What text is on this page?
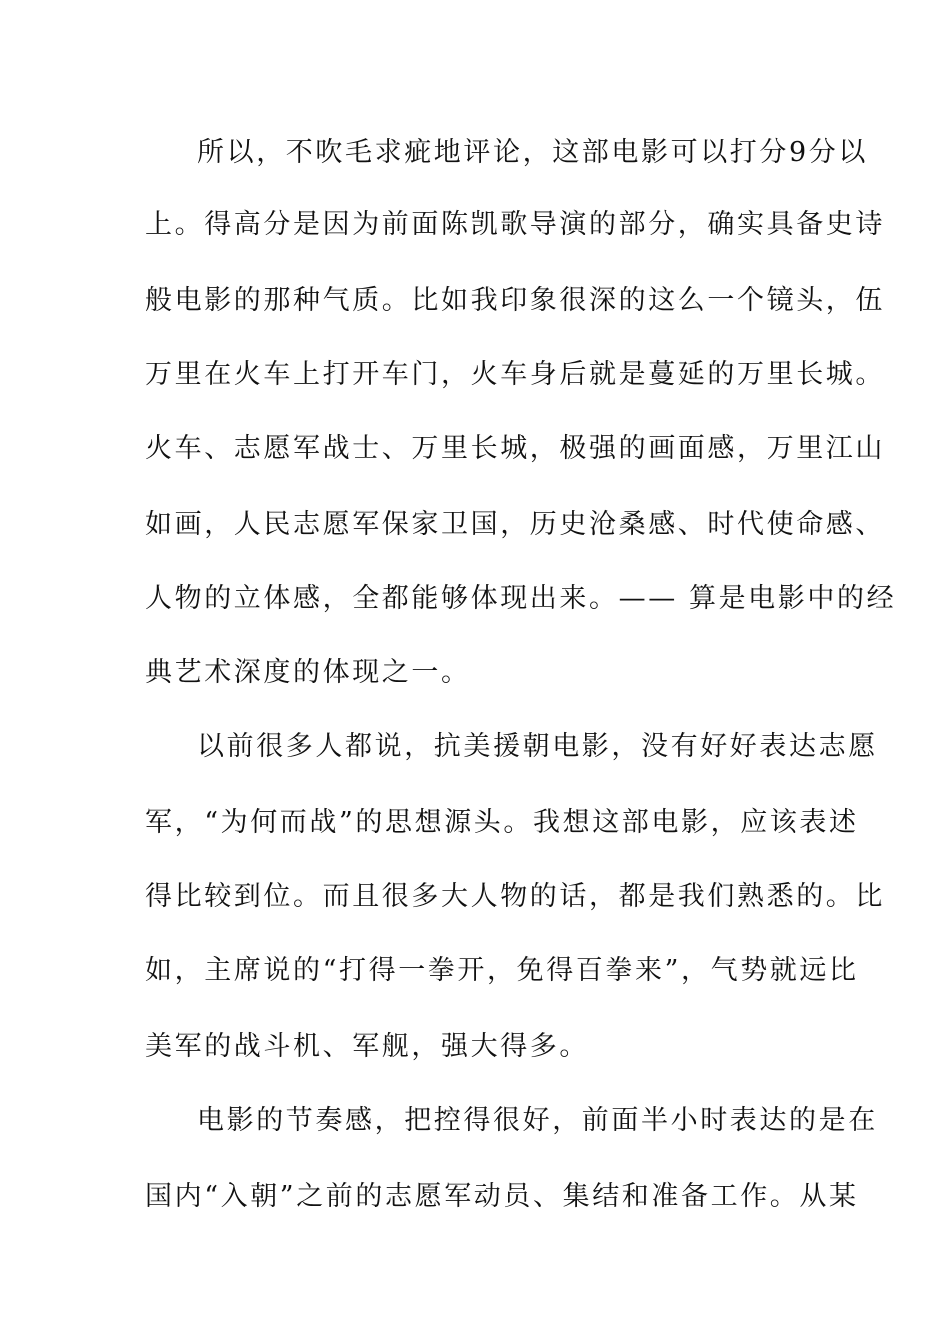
所以，不吹毛求疵地评论，这部电影可以打分9分以
上。得高分是因为前面陈凯歌导演的部分，确实具备史诗
般电影的那种气质。比如我印象很深的这么一个镜头，伍
万里在火车上打开车门，火车身后就是蔓延的万里长城。
火车、志愿军战士、万里长城，极强的画面感，万里江山
如画，人民志愿军保家卫国，历史沧桑感、时代使命感、
人物的立体感，全都能够体现出来。—— 算是电影中的经
典艺术深度的体现之一。
以前很多人都说，抗美援朝电影，没有好好表达志愿
军，“为何而战”的思想源头。我想这部电影，应该表述
得比较到位。而且很多大人物的话，都是我们熟悉的。比
如，主席说的“打得一拳开，免得百拳来”，气势就远比
美军的战斗机、军舰，强大得多。
电影的节奏感，把控得很好，前面半小时表达的是在
国内“入朝”之前的志愿军动员、集结和准备工作。从某
